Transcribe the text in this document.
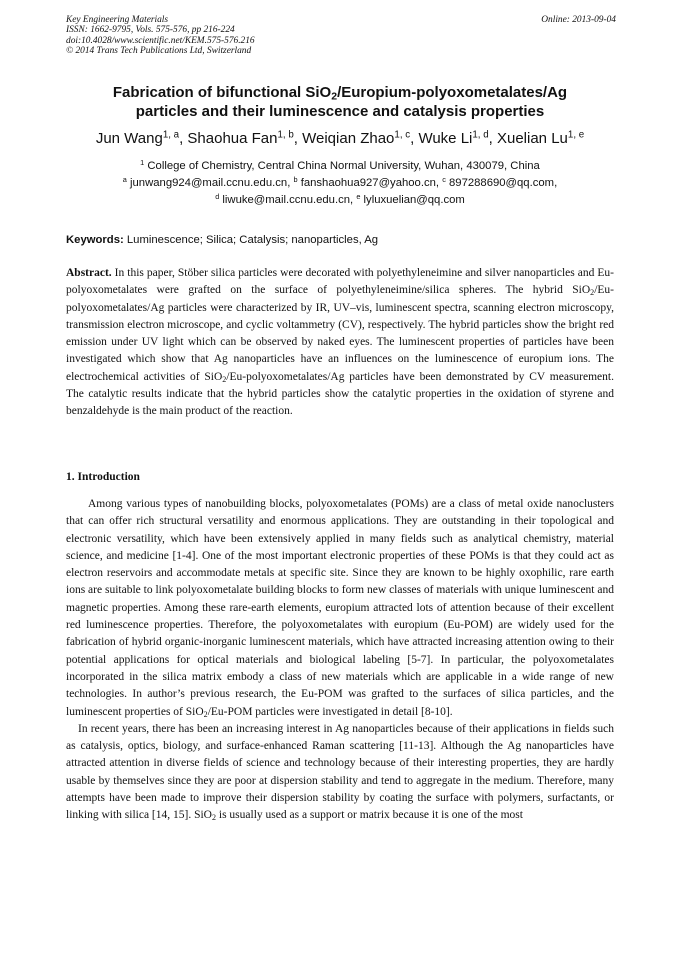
Key Engineering Materials
ISSN: 1662-9795, Vols. 575-576, pp 216-224
doi:10.4028/www.scientific.net/KEM.575-576.216
© 2014 Trans Tech Publications Ltd, Switzerland
Online: 2013-09-04
Fabrication of bifunctional SiO$_2$/Europium-polyoxometalates/Ag
particles and their luminescence and catalysis properties
Jun Wang$^{1, a}$, Shaohua Fan$^{1, b}$, Weiqian Zhao$^{1, c}$, Wuke Li$^{1, d}$, Xuelian Lu$^{1, e}$
$^1$ College of Chemistry, Central China Normal University, Wuhan, 430079, China
$^a$ junwang924@mail.ccnu.edu.cn, $^b$ fanshaohua927@yahoo.cn, $^c$ 897288690@qq.com,
$^d$ liwuke@mail.ccnu.edu.cn, $^e$ lyluxuelian@qq.com
Keywords: Luminescence; Silica; Catalysis; nanoparticles, Ag
Abstract. In this paper, Stöber silica particles were decorated with polyethyleneimine and silver nanoparticles and Eu-polyoxometalates were grafted on the surface of polyethyleneimine/silica spheres. The hybrid SiO$_2$/Eu-polyoxometalates/Ag particles were characterized by IR, UV–vis, luminescent spectra, scanning electron microscopy, transmission electron microscope, and cyclic voltammetry (CV), respectively. The hybrid particles show the bright red emission under UV light which can be observed by naked eyes. The luminescent properties of particles have been investigated which show that Ag nanoparticles have an influences on the luminescence of europium ions. The electrochemical activities of SiO$_2$/Eu-polyoxometalates/Ag particles have been demonstrated by CV measurement. The catalytic results indicate that the hybrid particles show the catalytic properties in the oxidation of styrene and benzaldehyde is the main product of the reaction.
1. Introduction

Among various types of nanobuilding blocks, polyoxometalates (POMs) are a class of metal oxide nanoclusters that can offer rich structural versatility and enormous applications. They are outstanding in their topological and electronic versatility, which have been extensively applied in many fields such as analytical chemistry, material science, and medicine [1-4]. One of the most important electronic properties of these POMs is that they could act as electron reservoirs and accommodate metals at specific site. Since they are known to be highly oxophilic, rare earth ions are suitable to link polyoxometalate building blocks to form new classes of materials with unique luminescent and magnetic properties. Among these rare-earth elements, europium attracted lots of attention because of their excellent red luminescence properties. Therefore, the polyoxometalates with europium (Eu-POM) are widely used for the fabrication of hybrid organic-inorganic luminescent materials, which have attracted increasing attention owing to their potential applications for optical materials and biological labeling [5-7]. In particular, the polyoxometalates incorporated in the silica matrix embody a class of new materials which are applicable in a wide range of new technologies. In author’s previous research, the Eu-POM was grafted to the surfaces of silica particles, and the luminescent properties of SiO$_2$/Eu-POM particles were investigated in detail [8-10].

In recent years, there has been an increasing interest in Ag nanoparticles because of their applications in fields such as catalysis, optics, biology, and surface-enhanced Raman scattering [11-13]. Although the Ag nanoparticles have attracted attention in diverse fields of science and technology because of their interesting properties, they are hardly usable by themselves since they are poor at dispersion stability and tend to aggregate in the medium. Therefore, many attempts have been made to improve their dispersion stability by coating the surface with polymers, surfactants, or linking with silica [14, 15]. SiO$_2$ is usually used as a support or matrix because it is one of the most
